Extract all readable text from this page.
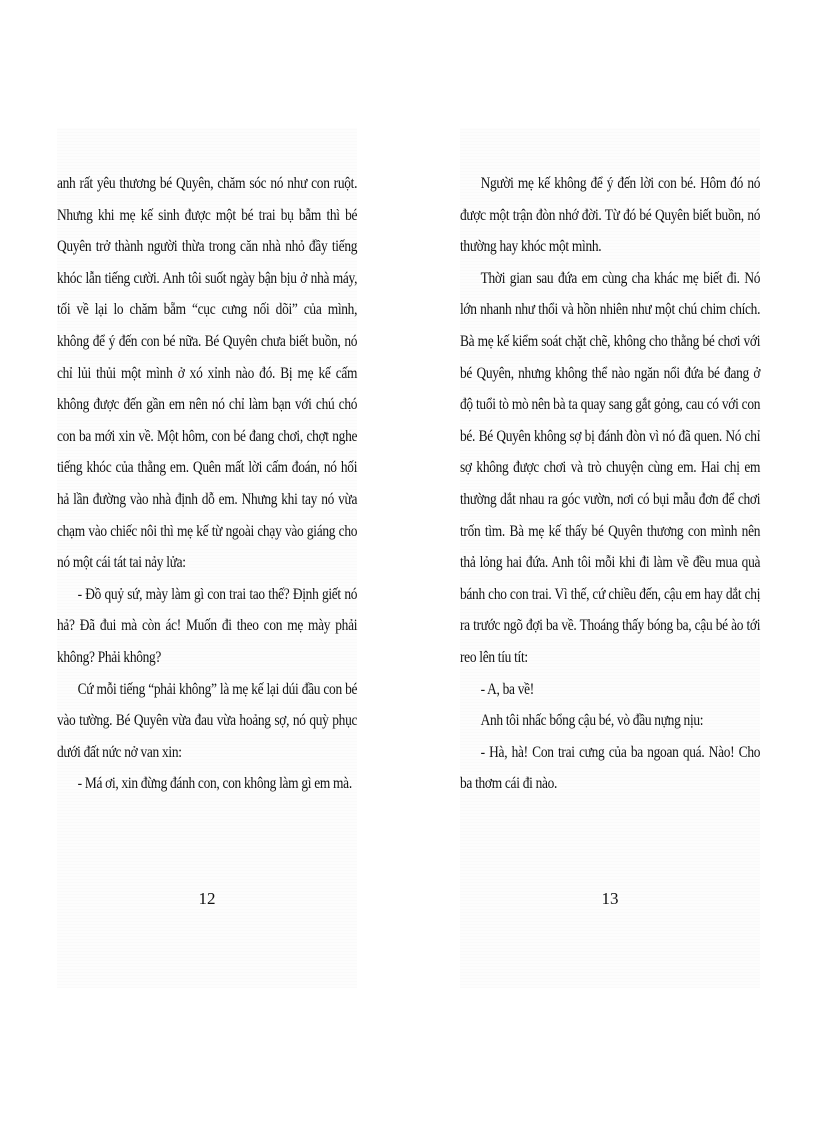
anh rất yêu thương bé Quyên, chăm sóc nó như con ruột. Nhưng khi mẹ kế sinh được một bé trai bụ bẫm thì bé Quyên trở thành người thừa trong căn nhà nhỏ đầy tiếng khóc lẫn tiếng cười. Anh tôi suốt ngày bận bịu ở nhà máy, tối về lại lo chăm bẵm “cục cưng nối dõi” của mình, không để ý đến con bé nữa. Bé Quyên chưa biết buồn, nó chỉ lủi thủi một mình ở xó xỉnh nào đó. Bị mẹ kế cấm không được đến gần em nên nó chỉ làm bạn với chú chó con ba mới xin về. Một hôm, con bé đang chơi, chợt nghe tiếng khóc của thằng em. Quên mất lời cấm đoán, nó hối hả lần đường vào nhà định dỗ em. Nhưng khi tay nó vừa chạm vào chiếc nôi thì mẹ kế từ ngoài chạy vào giáng cho nó một cái tát tai nảy lửa:

- Đồ quỷ sứ, mày làm gì con trai tao thế? Định giết nó hả? Đã đui mà còn ác! Muốn đi theo con mẹ mày phải không? Phải không?

Cứ mỗi tiếng “phải không” là mẹ kế lại dúi đầu con bé vào tường. Bé Quyên vừa đau vừa hoảng sợ, nó quỳ phục dưới đất nức nở van xin:

- Má ơi, xin đừng đánh con, con không làm gì em mà.

Người mẹ kế không để ý đến lời con bé. Hôm đó nó được một trận đòn nhớ đời. Từ đó bé Quyên biết buồn, nó thường hay khóc một mình.

Thời gian sau đứa em cùng cha khác mẹ biết đi. Nó lớn nhanh như thổi và hồn nhiên như một chú chim chích. Bà mẹ kế kiểm soát chặt chẽ, không cho thằng bé chơi với bé Quyên, nhưng không thể nào ngăn nổi đứa bé đang ở độ tuổi tò mò nên bà ta quay sang gắt gỏng, cau có với con bé. Bé Quyên không sợ bị đánh đòn vì nó đã quen. Nó chỉ sợ không được chơi và trò chuyện cùng em. Hai chị em thường dắt nhau ra góc vườn, nơi có bụi mẫu đơn để chơi trốn tìm. Bà mẹ kế thấy bé Quyên thương con mình nên thả lỏng hai đứa. Anh tôi mỗi khi đi làm về đều mua quà bánh cho con trai. Vì thế, cứ chiều đến, cậu em hay dắt chị ra trước ngõ đợi ba về. Thoáng thấy bóng ba, cậu bé ào tới reo lên tíu tít:

- A, ba về!

Anh tôi nhấc bổng cậu bé, vò đầu nựng nịu:

- Hà, hà! Con trai cưng của ba ngoan quá. Nào! Cho ba thơm cái đi nào.

12	13
